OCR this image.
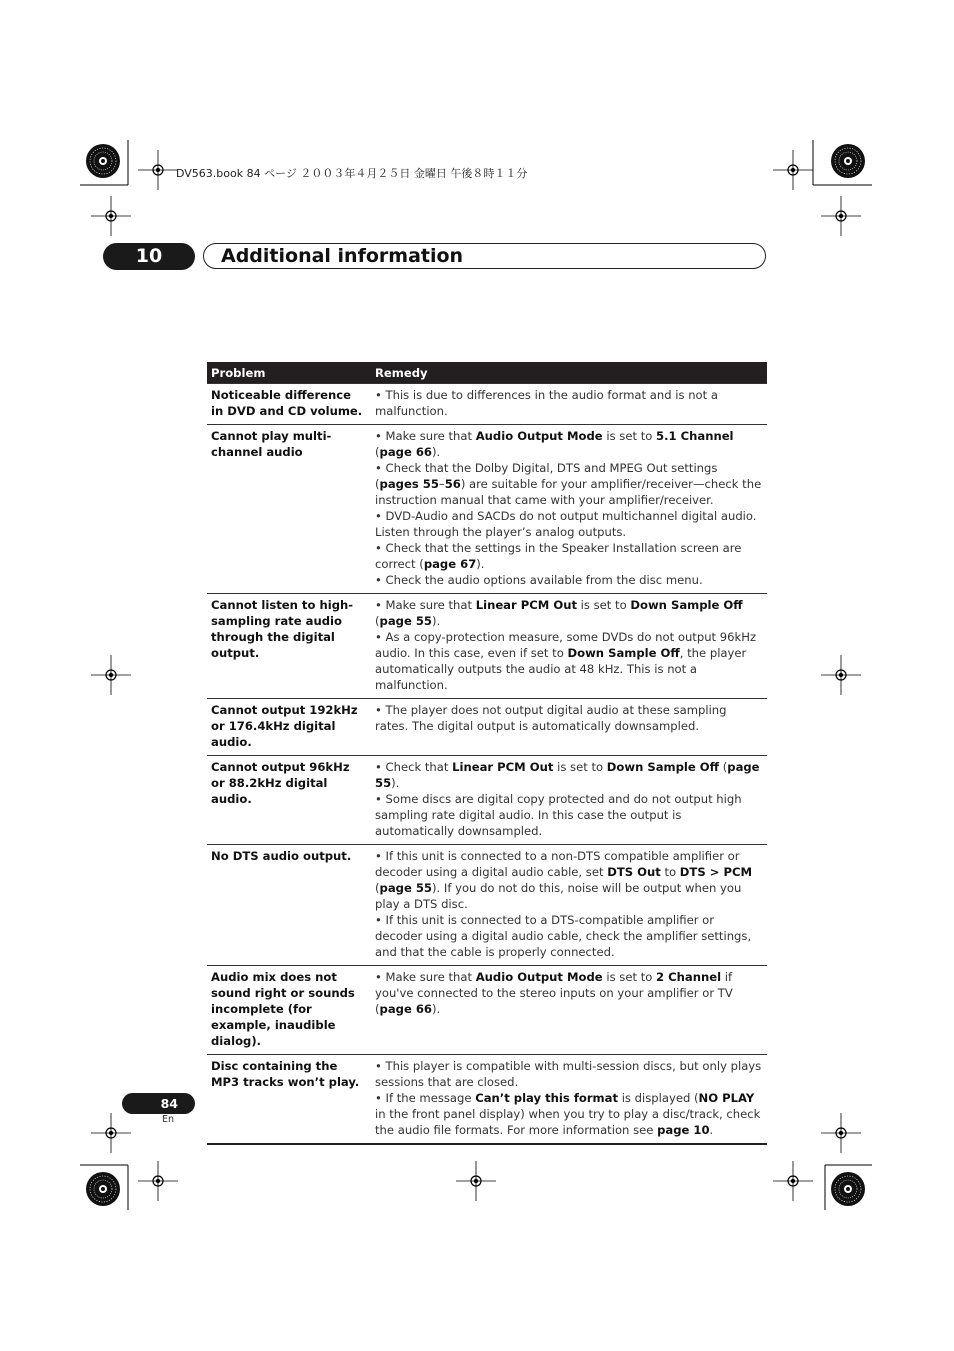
DV563.book 84 ページ ２００３年４月２５日 金曜日 午後８時１１分
10	Additional information
Problem	Remedy
Noticeable difference in DVD and CD volume.	• This is due to differences in the audio format and is not a malfunction.

Cannot play multi-channel audio	• Make sure that Audio Output Mode is set to 5.1 Channel (page 66).
• Check that the Dolby Digital, DTS and MPEG Out settings (pages 55–56) are suitable for your amplifier/receiver—check the instruction manual that came with your amplifier/receiver.
• DVD-Audio and SACDs do not output multichannel digital audio. Listen through the player’s analog outputs.
• Check that the settings in the Speaker Installation screen are correct (page 67).
• Check the audio options available from the disc menu.

Cannot listen to high-sampling rate audio through the digital output.	• Make sure that Linear PCM Out is set to Down Sample Off (page 55).
• As a copy-protection measure, some DVDs do not output 96kHz audio. In this case, even if set to Down Sample Off, the player automatically outputs the audio at 48 kHz. This is not a malfunction.

Cannot output 192kHz or 176.4kHz digital audio.	• The player does not output digital audio at these sampling rates. The digital output is automatically downsampled.

Cannot output 96kHz or 88.2kHz digital audio.	• Check that Linear PCM Out is set to Down Sample Off (page 55).
• Some discs are digital copy protected and do not output high sampling rate digital audio. In this case the output is automatically downsampled.

No DTS audio output.	• If this unit is connected to a non-DTS compatible amplifier or decoder using a digital audio cable, set DTS Out to DTS > PCM (page 55). If you do not do this, noise will be output when you play a DTS disc.
• If this unit is connected to a DTS-compatible amplifier or decoder using a digital audio cable, check the amplifier settings, and that the cable is properly connected.

Audio mix does not sound right or sounds incomplete (for example, inaudible dialog).	• Make sure that Audio Output Mode is set to 2 Channel if you've connected to the stereo inputs on your amplifier or TV (page 66).

Disc containing the MP3 tracks won’t play.	• This player is compatible with multi-session discs, but only plays sessions that are closed.
• If the message Can’t play this format is displayed (NO PLAY in the front panel display) when you try to play a disc/track, check the audio file formats. For more information see page 10.
84
En
